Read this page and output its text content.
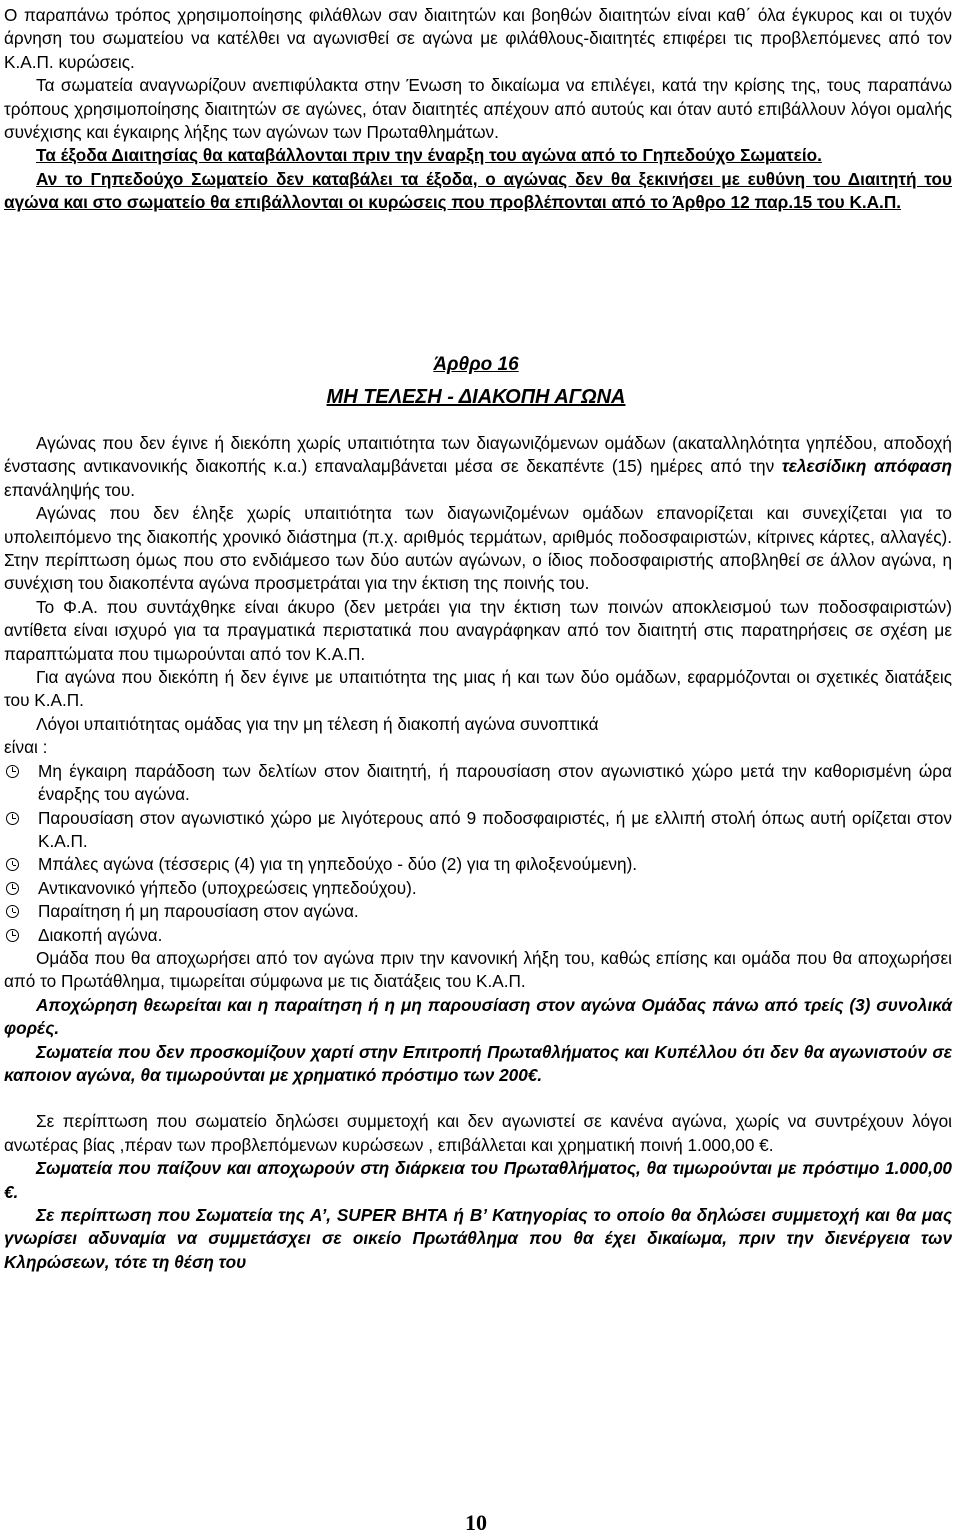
Ο παραπάνω τρόπος χρησιμοποίησης φιλάθλων σαν διαιτητών και βοηθών διαιτητών είναι καθ΄ όλα έγκυρος και οι τυχόν άρνηση του σωματείου να κατέλθει να αγωνισθεί σε αγώνα με φιλάθλους-διαιτητές επιφέρει τις προβλεπόμενες από τον Κ.Α.Π. κυρώσεις.

Τα σωματεία αναγνωρίζουν ανεπιφύλακτα στην Ένωση το δικαίωμα να επιλέγει, κατά την κρίσης της, τους παραπάνω τρόπους χρησιμοποίησης διαιτητών σε αγώνες, όταν διαιτητές απέχουν από αυτούς και όταν αυτό επιβάλλουν λόγοι ομαλής συνέχισης και έγκαιρης λήξης των αγώνων των Πρωταθλημάτων.

Τα έξοδα Διαιτησίας θα καταβάλλονται πριν την έναρξη του αγώνα από το Γηπεδούχο Σωματείο.

Αν το Γηπεδούχο Σωματείο δεν καταβάλει τα έξοδα, ο αγώνας δεν θα ξεκινήσει με ευθύνη του Διαιτητή του αγώνα και στο σωματείο θα επιβάλλονται οι κυρώσεις που προβλέπονται από το Άρθρο 12 παρ.15 του Κ.Α.Π.

Άρθρο 16
ΜΗ ΤΕΛΕΣΗ - ΔΙΑΚΟΠΗ ΑΓΩΝΑ

Αγώνας που δεν έγινε ή διεκόπη χωρίς υπαιτιότητα των διαγωνιζόμενων ομάδων (ακαταλληλότητα γηπέδου, αποδοχή ένστασης αντικανονικής διακοπής κ.α.) επαναλαμβάνεται μέσα σε δεκαπέντε (15) ημέρες από την τελεσίδικη απόφαση επανάληψής του.

Αγώνας που δεν έληξε χωρίς υπαιτιότητα των διαγωνιζομένων ομάδων επανορίζεται και συνεχίζεται για το υπολειπόμενο της διακοπής χρονικό διάστημα (π.χ. αριθμός τερμάτων, αριθμός ποδοσφαιριστών, κίτρινες κάρτες, αλλαγές). Στην περίπτωση όμως που στο ενδιάμεσο των δύο αυτών αγώνων, ο ίδιος ποδοσφαιριστής αποβληθεί σε άλλον αγώνα, η συνέχιση του διακοπέντα αγώνα προσμετράται για την έκτιση της ποινής του.

Το Φ.Α. που συντάχθηκε είναι άκυρο (δεν μετράει για την έκτιση των ποινών αποκλεισμού των ποδοσφαιριστών) αντίθετα είναι ισχυρό για τα πραγματικά περιστατικά που αναγράφηκαν από τον διαιτητή στις παρατηρήσεις σε σχέση με παραπτώματα που τιμωρούνται από τον Κ.Α.Π.

Για αγώνα που διεκόπη ή δεν έγινε με υπαιτιότητα της μιας ή και των δύο ομάδων, εφαρμόζονται οι σχετικές διατάξεις του Κ.Α.Π.

Λόγοι υπαιτιότητας ομάδας για την μη τέλεση ή διακοπή αγώνα συνοπτικά

είναι :

Μη έγκαιρη παράδοση των δελτίων στον διαιτητή, ή παρουσίαση στον αγωνιστικό χώρο μετά την καθορισμένη ώρα έναρξης του αγώνα.
Παρουσίαση στον αγωνιστικό χώρο με λιγότερους από 9 ποδοσφαιριστές, ή με ελλιπή στολή όπως αυτή ορίζεται στον Κ.Α.Π.
Μπάλες αγώνα (τέσσερις (4) για τη γηπεδούχο - δύο (2) για τη φιλοξενούμενη).
Αντικανονικό γήπεδο (υποχρεώσεις γηπεδούχου).
Παραίτηση ή μη παρουσίαση στον αγώνα.
Διακοπή αγώνα.

Ομάδα που θα αποχωρήσει από τον αγώνα πριν την κανονική λήξη του, καθώς επίσης και ομάδα που θα αποχωρήσει από το Πρωτάθλημα, τιμωρείται σύμφωνα με τις διατάξεις του Κ.Α.Π.

Αποχώρηση θεωρείται και η παραίτηση ή η μη παρουσίαση στον αγώνα Ομάδας πάνω από τρείς (3) συνολικά φορές.

Σωματεία που δεν προσκομίζουν χαρτί στην Επιτροπή Πρωταθλήματος και Κυπέλλου ότι δεν θα αγωνιστούν σε καποιον αγώνα, θα τιμωρούνται με χρηματικό πρόστιμο των 200€.

Σε περίπτωση που σωματείο δηλώσει συμμετοχή και δεν αγωνιστεί σε κανένα αγώνα, χωρίς να συντρέχουν λόγοι ανωτέρας βίας ,πέραν των προβλεπόμενων κυρώσεων , επιβάλλεται και χρηματική ποινή 1.000,00 €.

Σωματεία που παίζουν και αποχωρούν στη διάρκεια του Πρωταθλήματος, θα τιμωρούνται με πρόστιμο 1.000,00 €.

Σε περίπτωση που Σωματεία της Α’, SUPER ΒΗΤΑ ή Β’ Κατηγορίας το οποίο θα δηλώσει συμμετοχή και θα μας γνωρίσει αδυναμία να συμμετάσχει σε οικείο Πρωτάθλημα που θα έχει δικαίωμα, πριν την διενέργεια των Κληρώσεων, τότε τη θέση του

10
